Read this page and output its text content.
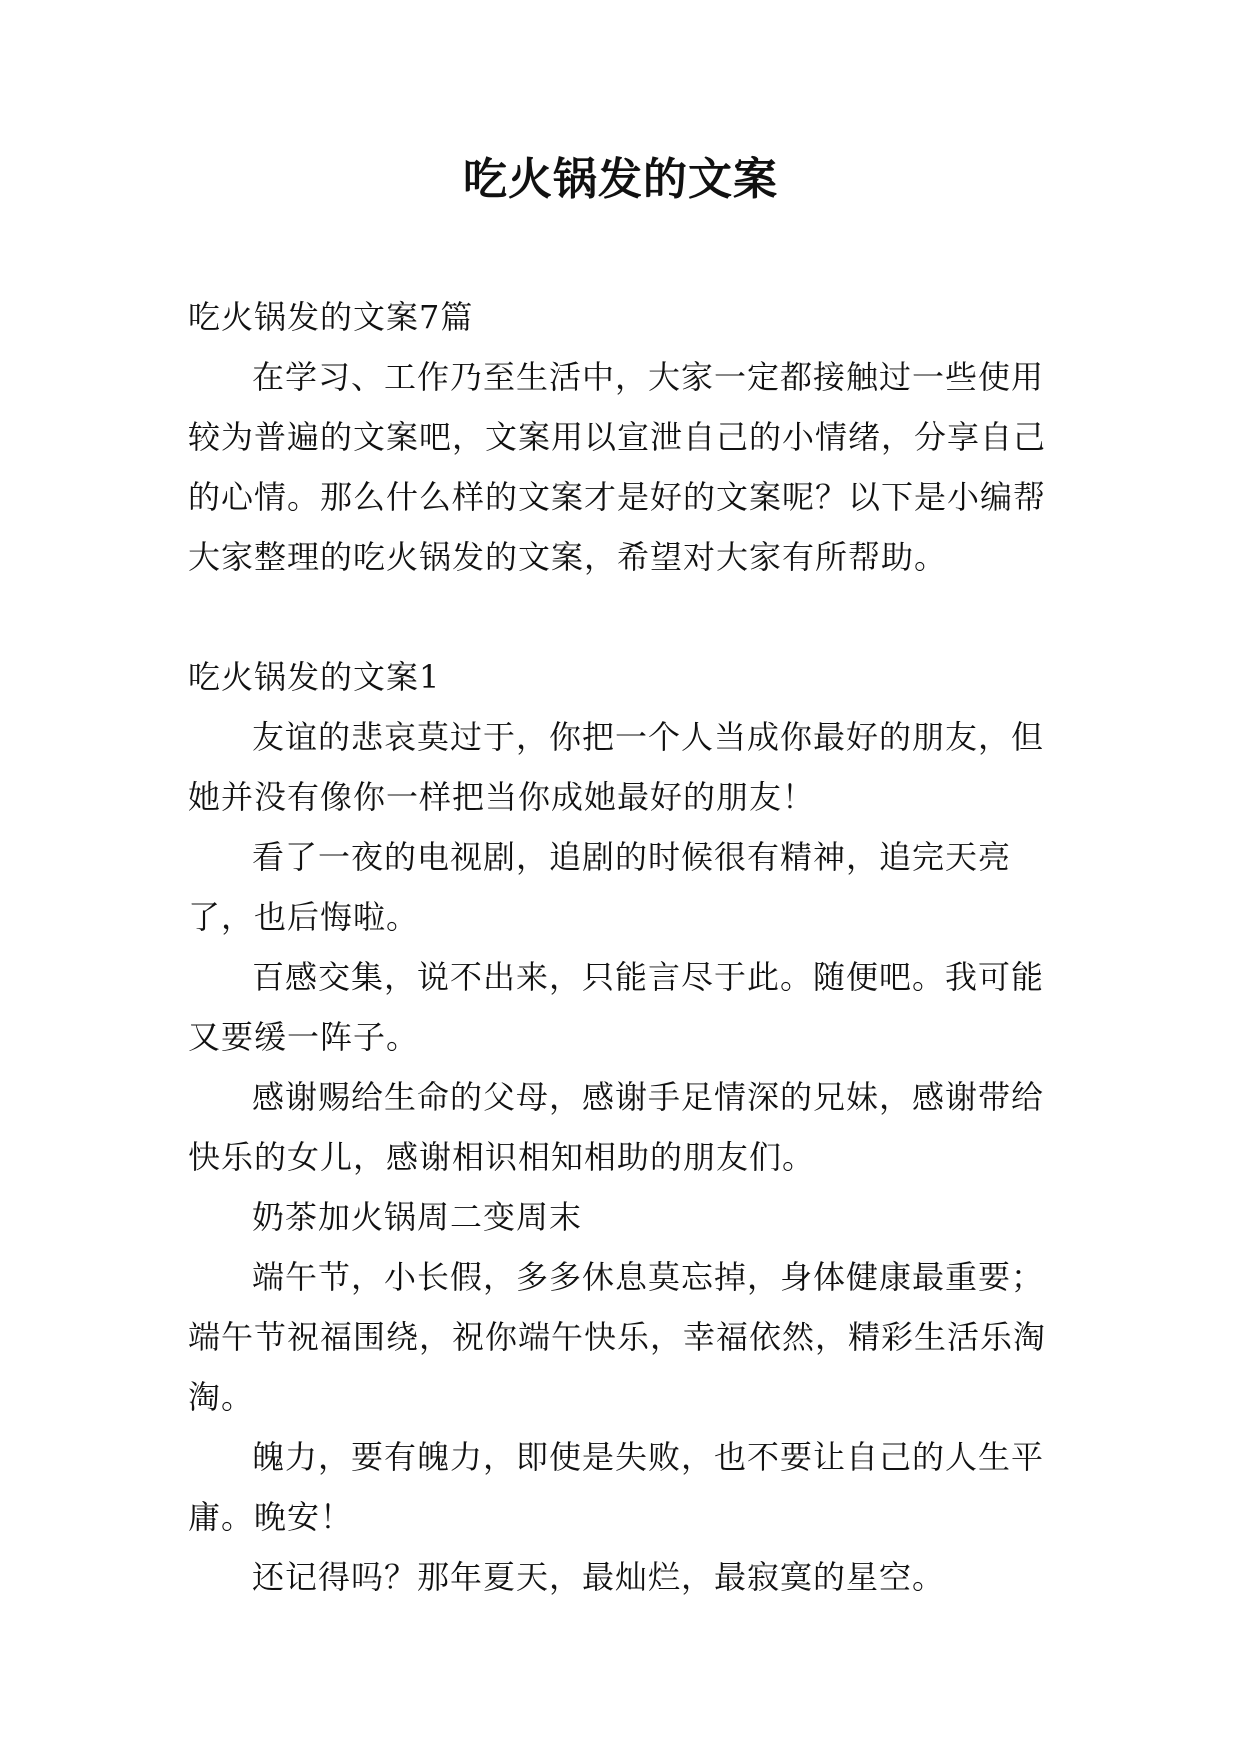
吃火锅发的文案

吃火锅发的文案7篇

在学习、工作乃至生活中，大家一定都接触过一些使用较为普遍的文案吧，文案用以宣泄自己的小情绪，分享自己的心情。那么什么样的文案才是好的文案呢？以下是小编帮大家整理的吃火锅发的文案，希望对大家有所帮助。

吃火锅发的文案1

友谊的悲哀莫过于，你把一个人当成你最好的朋友，但她并没有像你一样把当你成她最好的朋友！

看了一夜的电视剧，追剧的时候很有精神，追完天亮了，也后悔啦。

百感交集，说不出来，只能言尽于此。随便吧。我可能又要缓一阵子。

感谢赐给生命的父母，感谢手足情深的兄妹，感谢带给快乐的女儿，感谢相识相知相助的朋友们。

奶茶加火锅周二变周末

端午节，小长假，多多休息莫忘掉，身体健康最重要；端午节祝福围绕，祝你端午快乐，幸福依然，精彩生活乐淘淘。

魄力，要有魄力，即使是失败，也不要让自己的人生平庸。晚安！

还记得吗？那年夏天，最灿烂，最寂寞的星空。
